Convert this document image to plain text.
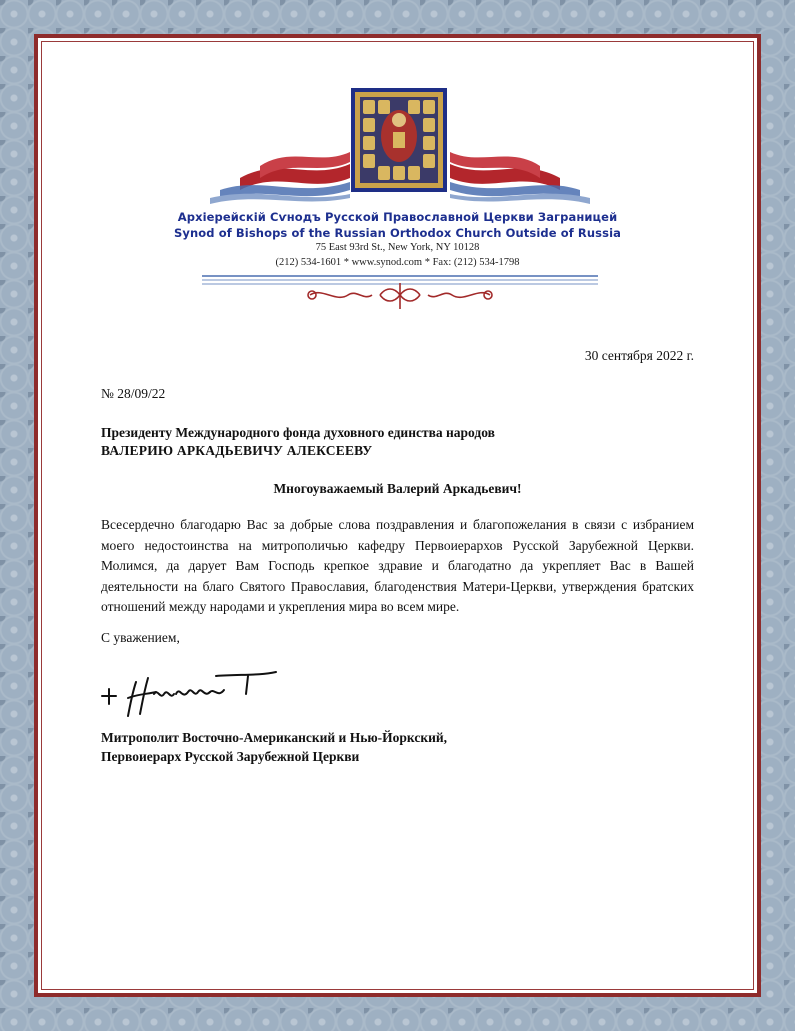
Архіерейскій Сѵнодъ Русской Православной Церкви Заграницей
Synod of Bishops of the Russian Orthodox Church Outside of Russia
75 East 93rd St., New York, NY 10128
(212) 534-1601 * www.synod.com * Fax: (212) 534-1798
30 сентября 2022 г.
№ 28/09/22
Президенту Международного фонда духовного единства народов
ВАЛЕРИЮ АРКАДЬЕВИЧУ АЛЕКСЕЕВУ
Многоуважаемый Валерий Аркадьевич!

Всесердечно благодарю Вас за добрые слова поздравления и благопожелания в связи с избранием моего недостоинства на митрополичью кафедру Первоиерархов Русской Зарубежной Церкви. Молимся, да дарует Вам Господь крепкое здравие и благодатно да укрепляет Вас в Вашей деятельности на благо Святого Православия, благоденствия Матери-Церкви, утверждения братских отношений между народами и укрепления мира во всем мире.

С уважением,
Митрополит Восточно-Американский и Нью-Йоркский,
Первоиерарх Русской Зарубежной Церкви
